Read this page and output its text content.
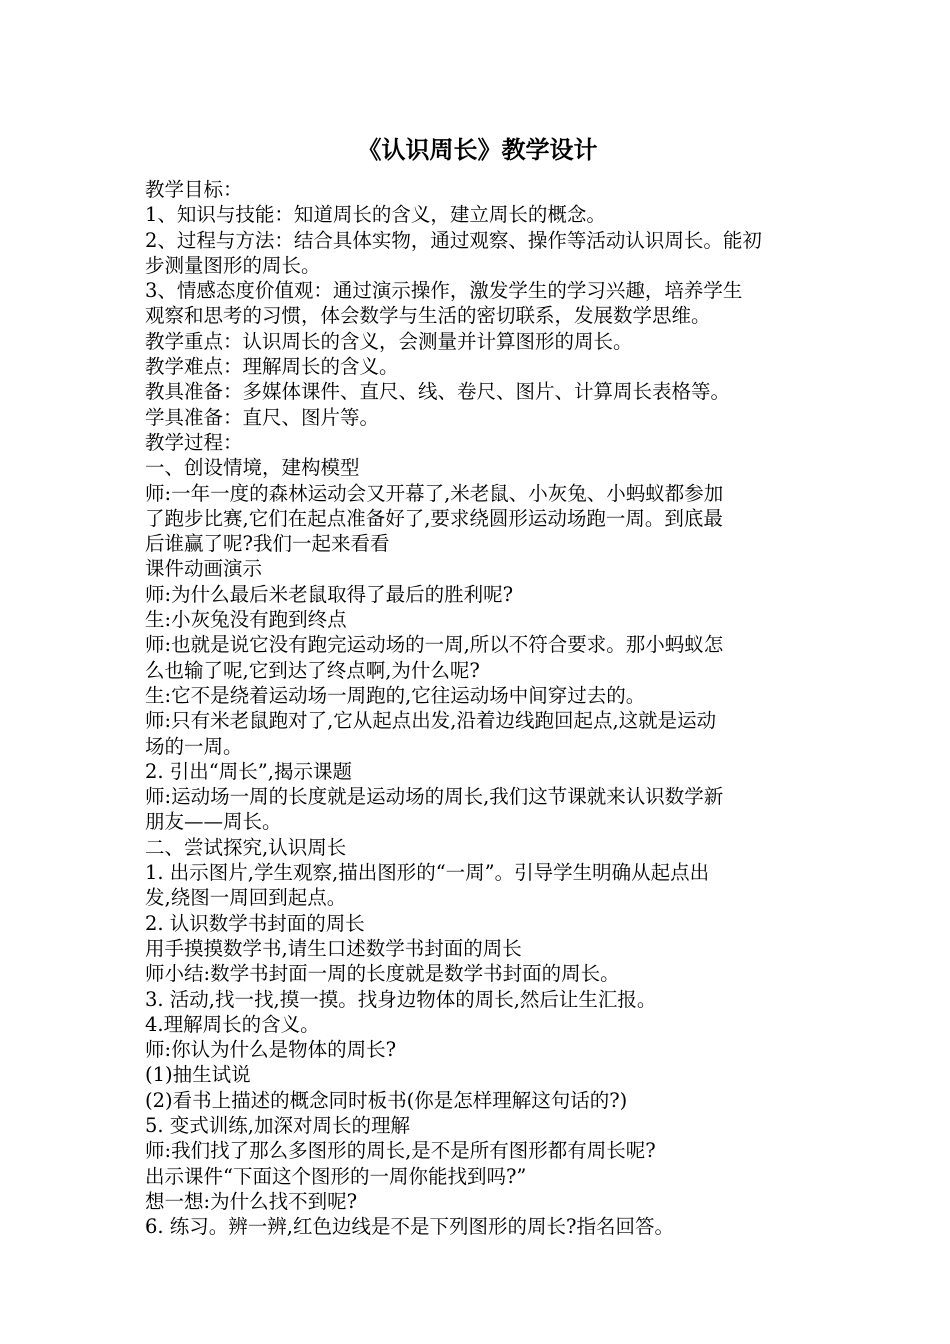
《认识周长》教学设计
教学目标：
1、知识与技能：知道周长的含义，建立周长的概念。
2、过程与方法：结合具体实物，通过观察、操作等活动认识周长。能初
步测量图形的周长。
3、情感态度价值观：通过演示操作，激发学生的学习兴趣，培养学生
观察和思考的习惯，体会数学与生活的密切联系，发展数学思维。
教学重点：认识周长的含义，会测量并计算图形的周长。
教学难点：理解周长的含义。
教具准备：多媒体课件、直尺、线、卷尺、图片、计算周长表格等。
学具准备：直尺、图片等。
教学过程：
一、创设情境，建构模型
师:一年一度的森林运动会又开幕了,米老鼠、小灰兔、小蚂蚁都参加
了跑步比赛,它们在起点准备好了,要求绕圆形运动场跑一周。到底最
后谁赢了呢?我们一起来看看
课件动画演示
师:为什么最后米老鼠取得了最后的胜利呢?
生:小灰兔没有跑到终点
师:也就是说它没有跑完运动场的一周,所以不符合要求。那小蚂蚁怎
么也输了呢,它到达了终点啊,为什么呢?
生:它不是绕着运动场一周跑的,它往运动场中间穿过去的。
师:只有米老鼠跑对了,它从起点出发,沿着边线跑回起点,这就是运动
场的一周。
2. 引出“周长”,揭示课题
师:运动场一周的长度就是运动场的周长,我们这节课就来认识数学新
朋友——周长。
二、尝试探究,认识周长
1. 出示图片,学生观察,描出图形的“一周”。引导学生明确从起点出
发,绕图一周回到起点。
2. 认识数学书封面的周长
用手摸摸数学书,请生口述数学书封面的周长
师小结:数学书封面一周的长度就是数学书封面的周长。
3. 活动,找一找,摸一摸。找身边物体的周长,然后让生汇报。
4.理解周长的含义。
师:你认为什么是物体的周长?
(1)抽生试说
(2)看书上描述的概念同时板书(你是怎样理解这句话的?)
5. 变式训练,加深对周长的理解
师:我们找了那么多图形的周长,是不是所有图形都有周长呢?
出示课件“下面这个图形的一周你能找到吗?”
想一想:为什么找不到呢?
6. 练习。辨一辨,红色边线是不是下列图形的周长?指名回答。
